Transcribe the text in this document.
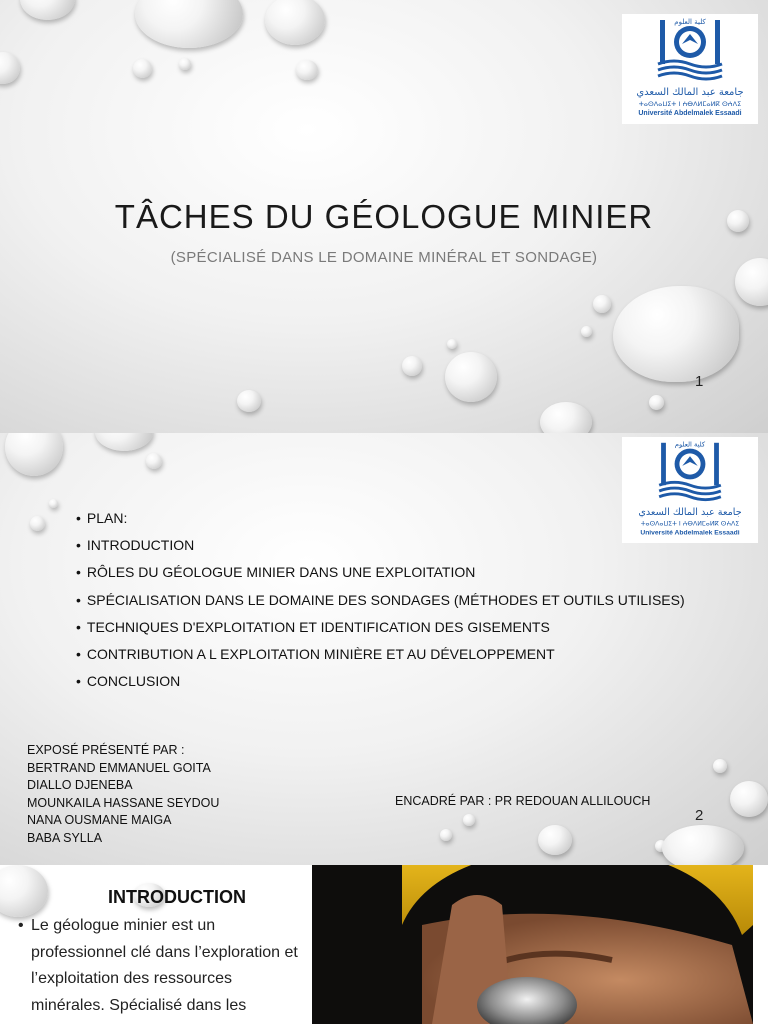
كلية العلوم
جامعة عبد المالك السعدي
ⵜⴰⵙⴷⴰⵡⵉⵜ ⵏ ⵄⴱⴷⵍⵎⴰⵍⴽ ⵙⵄⴷⵉ
Université Abdelmalek Essaadi
TÂCHES DU GÉOLOGUE MINIER
(SPÉCIALISÉ DANS LE DOMAINE MINÉRAL ET SONDAGE)
1
كلية العلوم
جامعة عبد المالك السعدي
ⵜⴰⵙⴷⴰⵡⵉⵜ ⵏ ⵄⴱⴷⵍⵎⴰⵍⴽ ⵙⵄⴷⵉ
Université Abdelmalek Essaadi
• PLAN:
• INTRODUCTION
• RÔLES DU GÉOLOGUE MINIER DANS UNE EXPLOITATION
• SPÉCIALISATION DANS LE DOMAINE DES SONDAGES (MÉTHODES ET OUTILS UTILISES)
• TECHNIQUES D'EXPLOITATION ET IDENTIFICATION DES GISEMENTS
• CONTRIBUTION A L EXPLOITATION MINIÈRE ET AU DÉVELOPPEMENT
• CONCLUSION
EXPOSÉ PRÉSENTÉ PAR :
BERTRAND EMMANUEL GOITA
DIALLO DJENEBA
MOUNKAILA HASSANE SEYDOU
NANA OUSMANE MAIGA
BABA SYLLA
ENCADRÉ PAR : PR REDOUAN ALLILOUCH
2
INTRODUCTION
• Le géologue minier est un professionnel clé dans l’exploration et l’exploitation des ressources minérales. Spécialisé dans les
